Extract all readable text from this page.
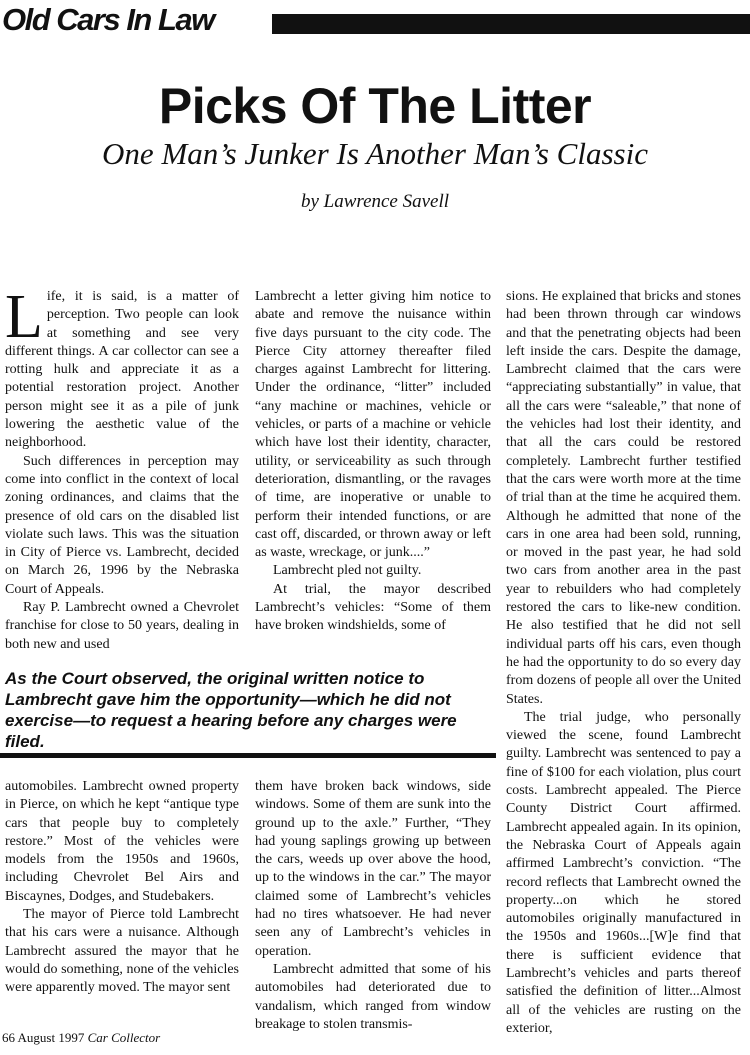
Old Cars In Law
Picks Of The Litter
One Man’s Junker Is Another Man’s Classic
by Lawrence Savell

Life, it is said, is a matter of perception. Two people can look at something and see very different things. A car collector can see a rotting hulk and appreciate it as a potential restoration project. Another person might see it as a pile of junk lowering the aesthetic value of the neighborhood.

Such differences in perception may come into conflict in the context of local zoning ordinances, and claims that the presence of old cars on the disabled list violate such laws. This was the situation in City of Pierce vs. Lambrecht, decided on March 26, 1996 by the Nebraska Court of Appeals.

Ray P. Lambrecht owned a Chevrolet franchise for close to 50 years, dealing in both new and used

Lambrecht a letter giving him notice to abate and remove the nuisance within five days pursuant to the city code. The Pierce City attorney thereafter filed charges against Lambrecht for littering. Under the ordinance, “litter” included “any machine or machines, vehicle or vehicles, or parts of a machine or vehicle which have lost their identity, character, utility, or serviceability as such through deterioration, dismantling, or the ravages of time, are inoperative or unable to perform their intended functions, or are cast off, discarded, or thrown away or left as waste, wreckage, or junk....”

Lambrecht pled not guilty.

At trial, the mayor described Lambrecht’s vehicles: “Some of them have broken windshields, some of

sions. He explained that bricks and stones had been thrown through car windows and that the penetrating objects had been left inside the cars. Despite the damage, Lambrecht claimed that the cars were “appreciating substantially” in value, that all the cars were “saleable,” that none of the vehicles had lost their identity, and that all the cars could be restored completely. Lambrecht further testified that the cars were worth more at the time of trial than at the time he acquired them. Although he admitted that none of the cars in one area had been sold, running, or moved in the past year, he had sold two cars from another area in the past year to rebuilders who had completely restored the cars to like-new condition. He also testified that he did not sell individual parts off his cars, even though he had the opportunity to do so every day from dozens of people all over the United States.

The trial judge, who personally viewed the scene, found Lambrecht guilty. Lambrecht was sentenced to pay a fine of $100 for each violation, plus court costs. Lambrecht appealed. The Pierce County District Court affirmed. Lambrecht appealed again. In its opinion, the Nebraska Court of Appeals again affirmed Lambrecht’s conviction. “The record reflects that Lambrecht owned the property...on which he stored automobiles originally manufactured in the 1950s and 1960s...[W]e find that there is sufficient evidence that Lambrecht’s vehicles and parts thereof satisfied the definition of litter...Almost all of the vehicles are rusting on the exterior,

As the Court observed, the original written notice to Lambrecht gave him the opportunity—which he did not exercise—to request a hearing before any charges were filed.

automobiles. Lambrecht owned property in Pierce, on which he kept “antique type cars that people buy to completely restore.” Most of the vehicles were models from the 1950s and 1960s, including Chevrolet Bel Airs and Biscaynes, Dodges, and Studebakers.

The mayor of Pierce told Lambrecht that his cars were a nuisance. Although Lambrecht assured the mayor that he would do something, none of the vehicles were apparently moved. The mayor sent

them have broken back windows, side windows. Some of them are sunk into the ground up to the axle.” Further, “They had young saplings growing up between the cars, weeds up over above the hood, up to the windows in the car.” The mayor claimed some of Lambrecht’s vehicles had no tires whatsoever. He had never seen any of Lambrecht’s vehicles in operation.

Lambrecht admitted that some of his automobiles had deteriorated due to vandalism, which ranged from window breakage to stolen transmis-

66 August 1997 Car Collector
